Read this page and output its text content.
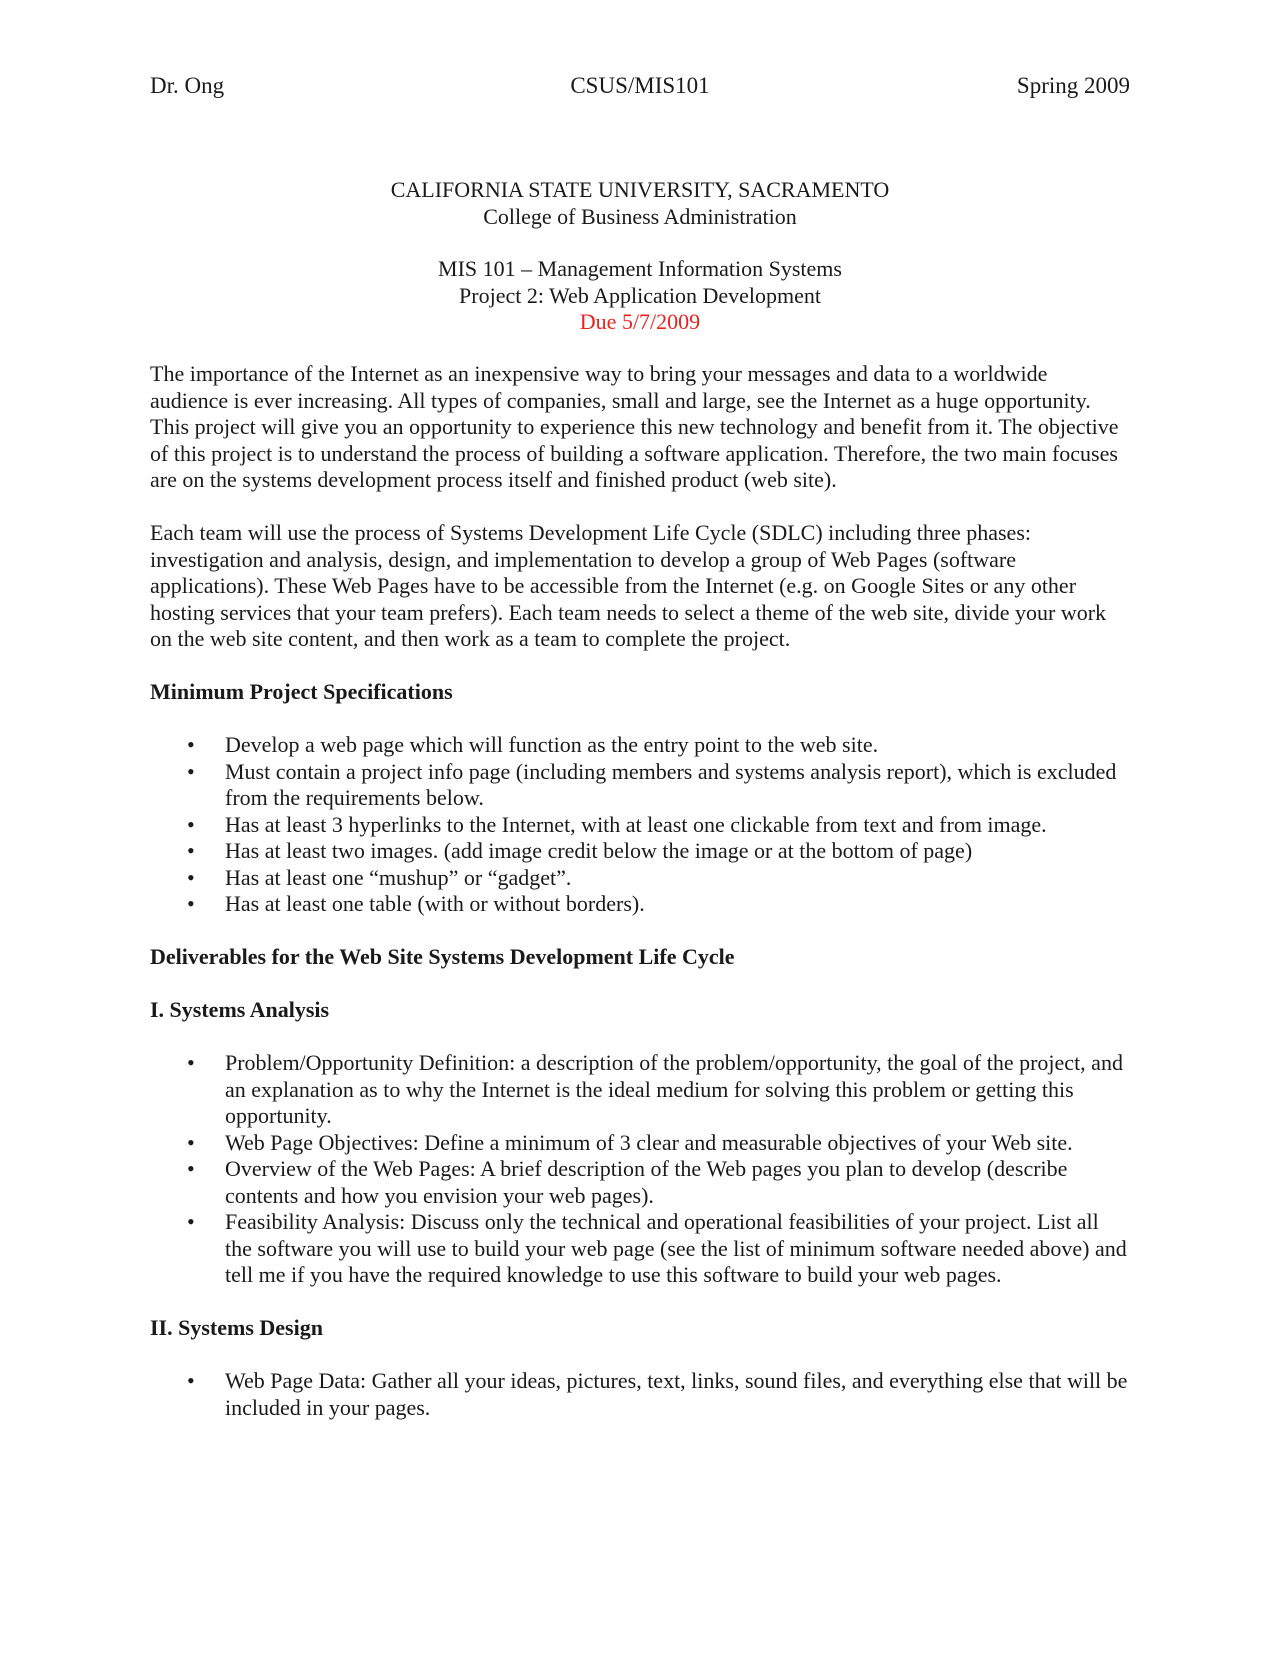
Dr. Ong	CSUS/MIS101	Spring 2009
CALIFORNIA STATE UNIVERSITY, SACRAMENTO
College of Business Administration
MIS 101 – Management Information Systems
Project 2: Web Application Development
Due 5/7/2009

The importance of the Internet as an inexpensive way to bring your messages and data to a worldwide audience is ever increasing. All types of companies, small and large, see the Internet as a huge opportunity. This project will give you an opportunity to experience this new technology and benefit from it. The objective of this project is to understand the process of building a software application. Therefore, the two main focuses are on the systems development process itself and finished product (web site).

Each team will use the process of Systems Development Life Cycle (SDLC) including three phases: investigation and analysis, design, and implementation to develop a group of Web Pages (software applications). These Web Pages have to be accessible from the Internet (e.g. on Google Sites or any other hosting services that your team prefers). Each team needs to select a theme of the web site, divide your work on the web site content, and then work as a team to complete the project.

Minimum Project Specifications
• Develop a web page which will function as the entry point to the web site.
• Must contain a project info page (including members and systems analysis report), which is excluded from the requirements below.
• Has at least 3 hyperlinks to the Internet, with at least one clickable from text and from image.
• Has at least two images. (add image credit below the image or at the bottom of page)
• Has at least one “mushup” or “gadget”.
• Has at least one table (with or without borders).
Deliverables for the Web Site Systems Development Life Cycle
I. Systems Analysis
• Problem/Opportunity Definition: a description of the problem/opportunity, the goal of the project, and an explanation as to why the Internet is the ideal medium for solving this problem or getting this opportunity.
• Web Page Objectives: Define a minimum of 3 clear and measurable objectives of your Web site.
• Overview of the Web Pages: A brief description of the Web pages you plan to develop (describe contents and how you envision your web pages).
• Feasibility Analysis: Discuss only the technical and operational feasibilities of your project. List all the software you will use to build your web page (see the list of minimum software needed above) and tell me if you have the required knowledge to use this software to build your web pages.
II. Systems Design
• Web Page Data: Gather all your ideas, pictures, text, links, sound files, and everything else that will be included in your pages.
